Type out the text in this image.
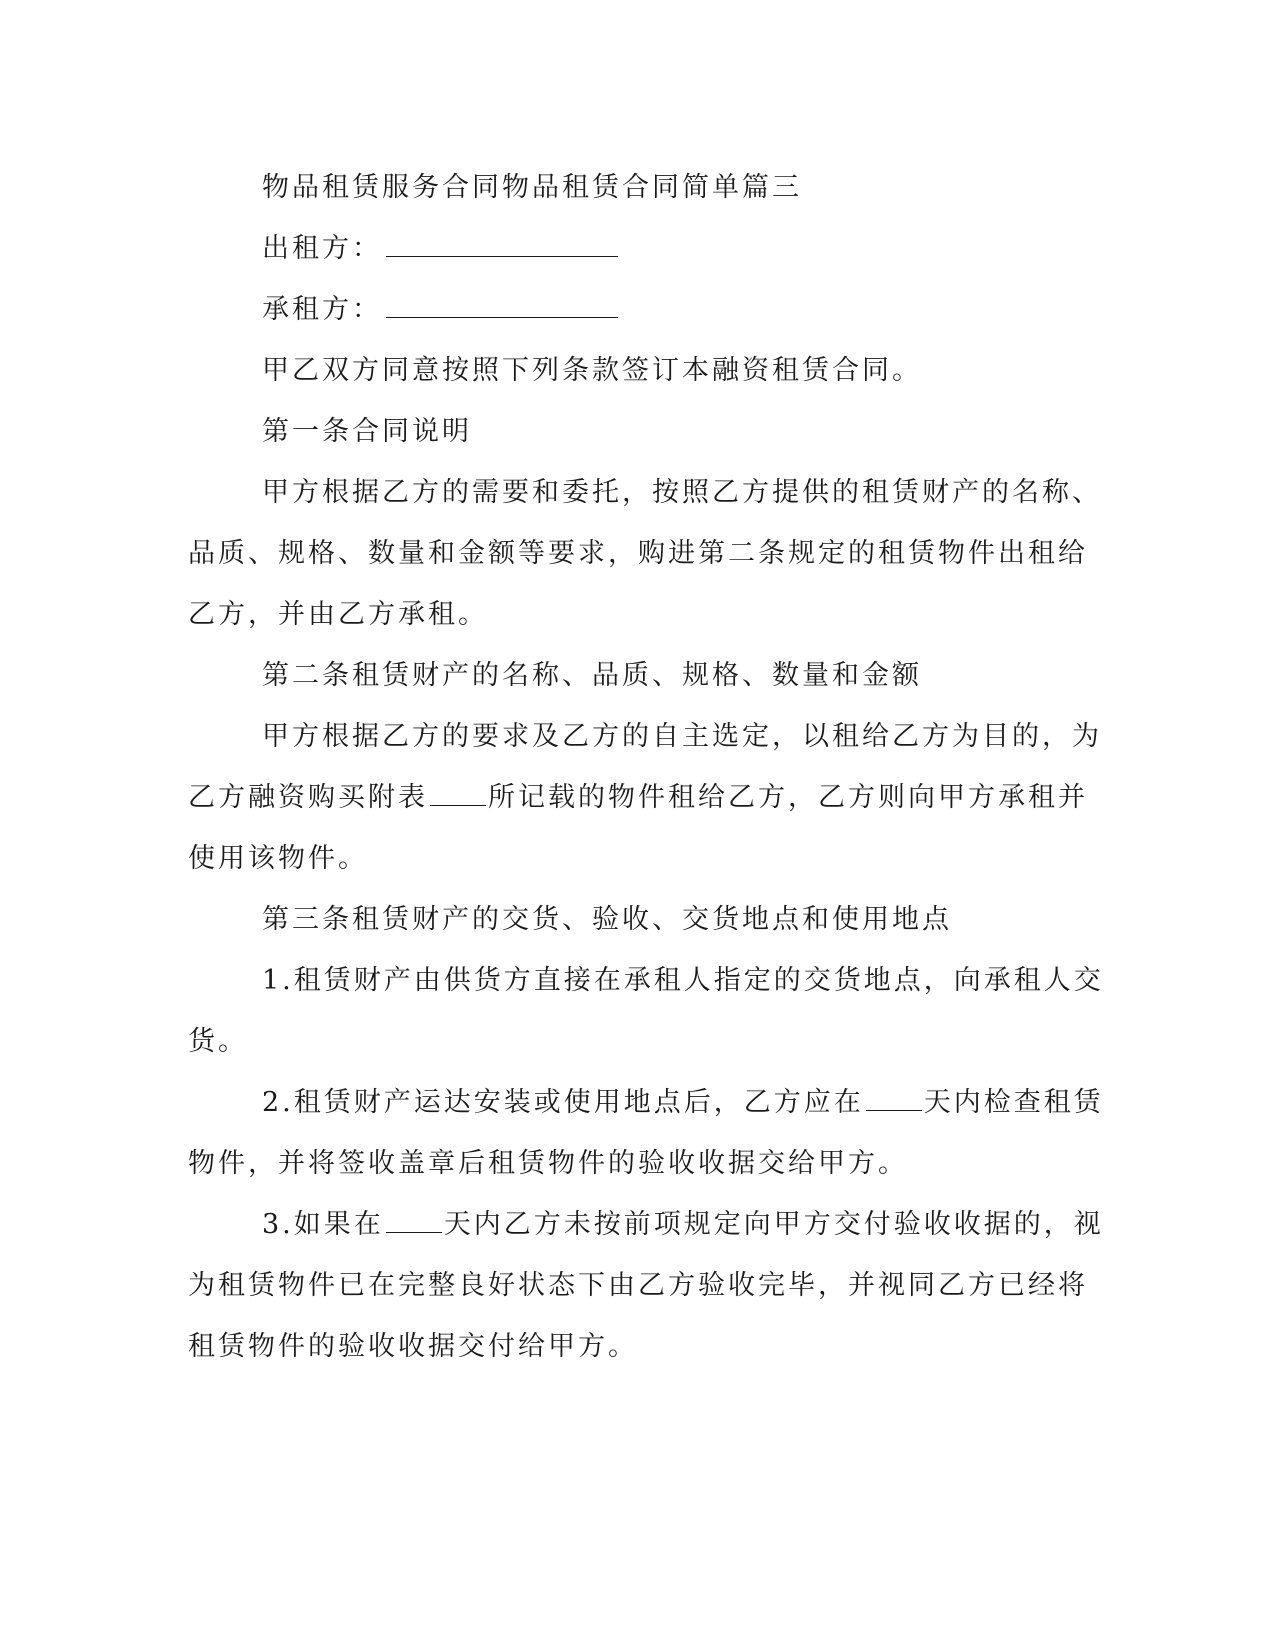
物品租赁服务合同物品租赁合同简单篇三
出租方：
承租方：
甲乙双方同意按照下列条款签订本融资租赁合同。
第一条合同说明
甲方根据乙方的需要和委托，按照乙方提供的租赁财产的名称、
品质、规格、数量和金额等要求，购进第二条规定的租赁物件出租给
乙方，并由乙方承租。
第二条租赁财产的名称、品质、规格、数量和金额
甲方根据乙方的要求及乙方的自主选定，以租给乙方为目的，为
乙方融资购买附表 所记载的物件租给乙方，乙方则向甲方承租并
使用该物件。
第三条租赁财产的交货、验收、交货地点和使用地点
1.租赁财产由供货方直接在承租人指定的交货地点，向承租人交
货。
2.租赁财产运达安装或使用地点后，乙方应在 天内检查租赁
物件，并将签收盖章后租赁物件的验收收据交给甲方。
3.如果在 天内乙方未按前项规定向甲方交付验收收据的，视
为租赁物件已在完整良好状态下由乙方验收完毕，并视同乙方已经将
租赁物件的验收收据交付给甲方。
